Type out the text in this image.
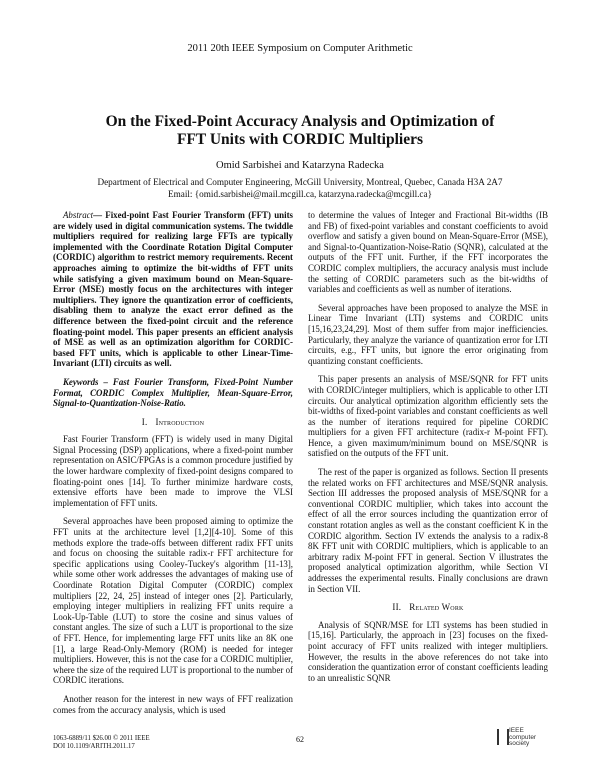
2011 20th IEEE Symposium on Computer Arithmetic
On the Fixed-Point Accuracy Analysis and Optimization of
FFT Units with CORDIC Multipliers
Omid Sarbishei and Katarzyna Radecka
Department of Electrical and Computer Engineering, McGill University, Montreal, Quebec, Canada H3A 2A7
Email: {omid.sarbishei@mail.mcgill.ca, katarzyna.radecka@mcgill.ca}

Abstract— Fixed-point Fast Fourier Transform (FFT) units are widely used in digital communication systems. The twiddle multipliers required for realizing large FFTs are typically implemented with the Coordinate Rotation Digital Computer (CORDIC) algorithm to restrict memory requirements. Recent approaches aiming to optimize the bit-widths of FFT units while satisfying a given maximum bound on Mean-Square-Error (MSE) mostly focus on the architectures with integer multipliers. They ignore the quantization error of coefficients, disabling them to analyze the exact error defined as the difference between the fixed-point circuit and the reference floating-point model. This paper presents an efficient analysis of MSE as well as an optimization algorithm for CORDIC-based FFT units, which is applicable to other Linear-Time-Invariant (LTI) circuits as well.

Keywords – Fast Fourier Transform, Fixed-Point Number Format, CORDIC Complex Multiplier, Mean-Square-Error, Signal-to-Quantization-Noise-Ratio.

I. Introduction

Fast Fourier Transform (FFT) is widely used in many Digital Signal Processing (DSP) applications, where a fixed-point number representation on ASIC/FPGAs is a common procedure justified by the lower hardware complexity of fixed-point designs compared to floating-point ones [14]. To further minimize hardware costs, extensive efforts have been made to improve the VLSI implementation of FFT units.

Several approaches have been proposed aiming to optimize the FFT units at the architecture level [1,2][4-10]. Some of this methods explore the trade-offs between different radix FFT units and focus on choosing the suitable radix-r FFT architecture for specific applications using Cooley-Tuckey's algorithm [11-13], while some other work addresses the advantages of making use of Coordinate Rotation Digital Computer (CORDIC) complex multipliers [22, 24, 25] instead of integer ones [2]. Particularly, employing integer multipliers in realizing FFT units require a Look-Up-Table (LUT) to store the cosine and sinus values of constant angles. The size of such a LUT is proportional to the size of FFT. Hence, for implementing large FFT units like an 8K one [1], a large Read-Only-Memory (ROM) is needed for integer multipliers. However, this is not the case for a CORDIC multiplier, where the size of the required LUT is proportional to the number of CORDIC iterations.

Another reason for the interest in new ways of FFT realization comes from the accuracy analysis, which is used

to determine the values of Integer and Fractional Bit-widths (IB and FB) of fixed-point variables and constant coefficients to avoid overflow and satisfy a given bound on Mean-Square-Error (MSE), and Signal-to-Quantization-Noise-Ratio (SQNR), calculated at the outputs of the FFT unit. Further, if the FFT incorporates the CORDIC complex multipliers, the accuracy analysis must include the setting of CORDIC parameters such as the bit-widths of variables and coefficients as well as number of iterations.

Several approaches have been proposed to analyze the MSE in Linear Time Invariant (LTI) systems and CORDIC units [15,16,23,24,29]. Most of them suffer from major inefficiencies. Particularly, they analyze the variance of quantization error for LTI circuits, e.g., FFT units, but ignore the error originating from quantizing constant coefficients.

This paper presents an analysis of MSE/SQNR for FFT units with CORDIC/integer multipliers, which is applicable to other LTI circuits. Our analytical optimization algorithm efficiently sets the bit-widths of fixed-point variables and constant coefficients as well as the number of iterations required for pipeline CORDIC multipliers for a given FFT architecture (radix-r M-point FFT). Hence, a given maximum/minimum bound on MSE/SQNR is satisfied on the outputs of the FFT unit.

The rest of the paper is organized as follows. Section II presents the related works on FFT architectures and MSE/SQNR analysis. Section III addresses the proposed analysis of MSE/SQNR for a conventional CORDIC multiplier, which takes into account the effect of all the error sources including the quantization error of constant rotation angles as well as the constant coefficient K in the CORDIC algorithm. Section IV extends the analysis to a radix-8 8K FFT unit with CORDIC multipliers, which is applicable to an arbitrary radix M-point FFT in general. Section V illustrates the proposed analytical optimization algorithm, while Section VI addresses the experimental results. Finally conclusions are drawn in Section VII.

II. Related Work

Analysis of SQNR/MSE for LTI systems has been studied in [15,16]. Particularly, the approach in [23] focuses on the fixed-point accuracy of FFT units realized with integer multipliers. However, the results in the above references do not take into consideration the quantization error of constant coefficients leading to an unrealistic SQNR

1063-6889/11 $26.00 © 2011 IEEE
DOI 10.1109/ARITH.2011.17
62
IEEE
computer
society
